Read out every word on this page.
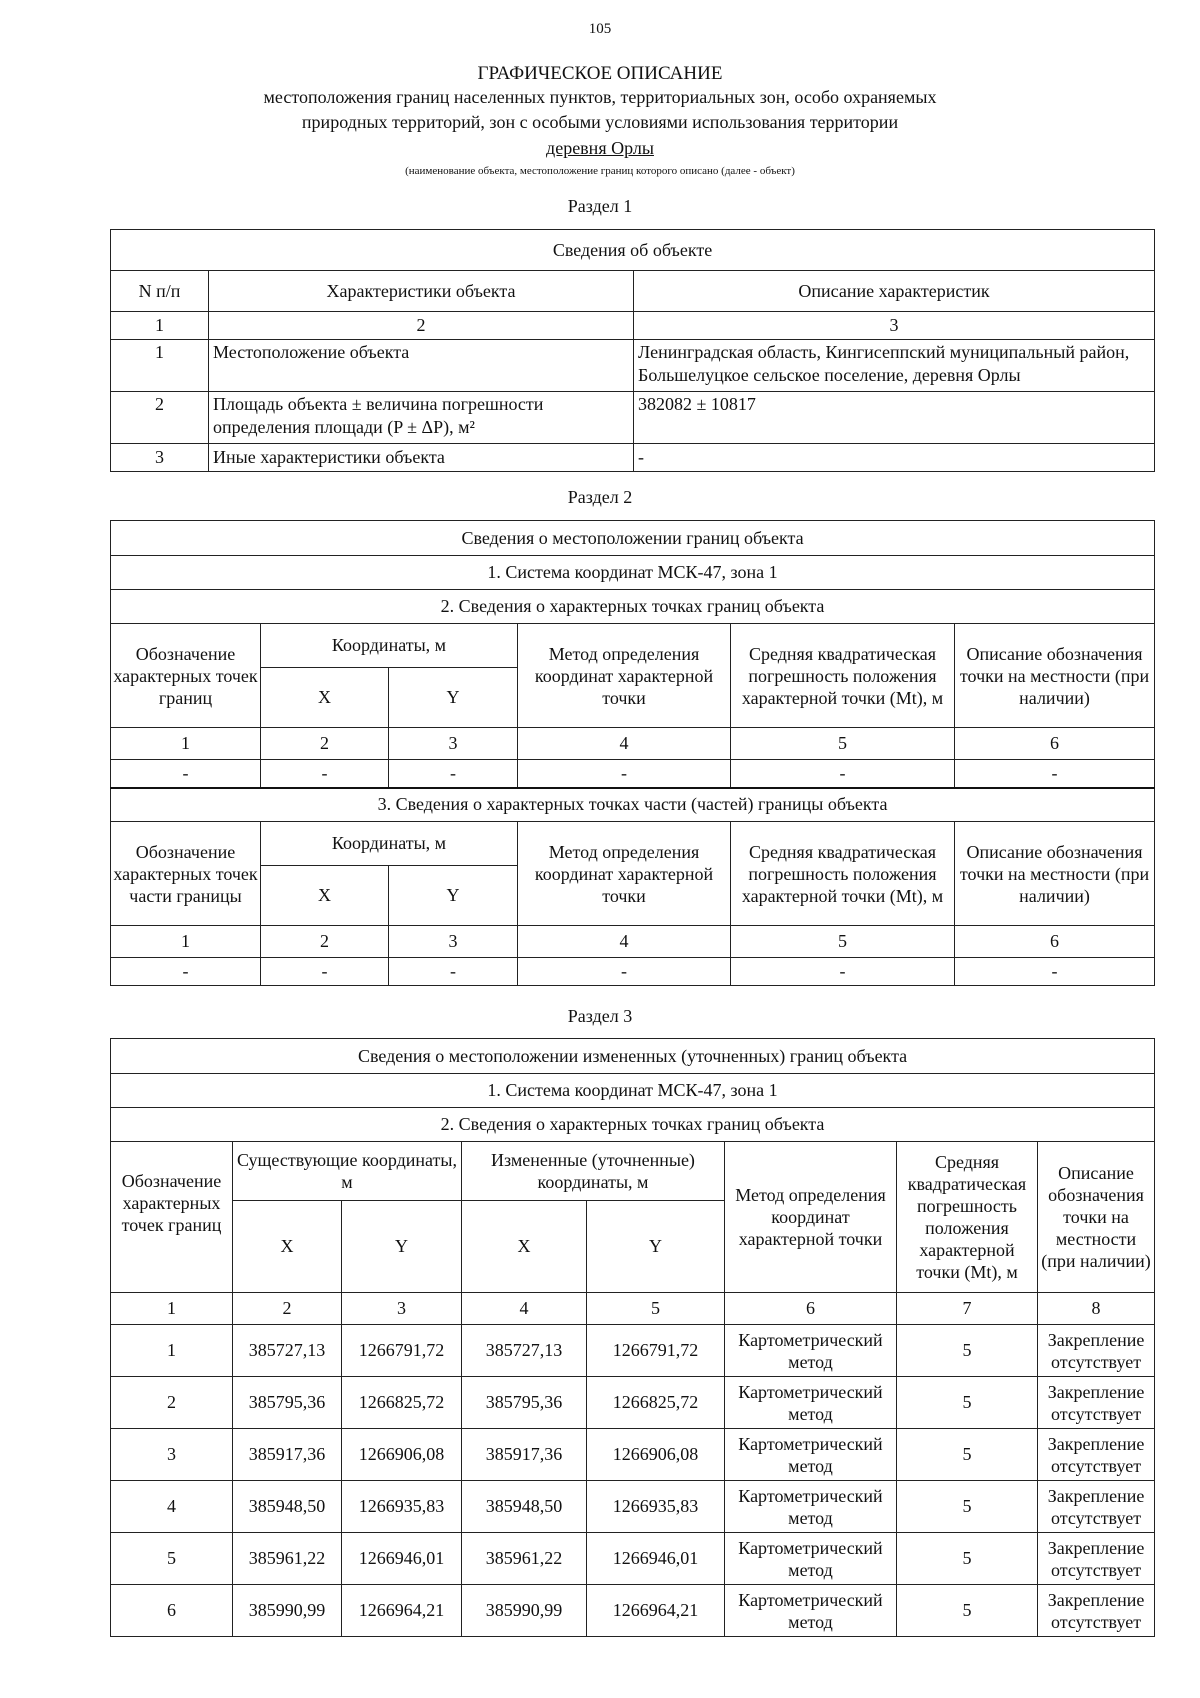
105
ГРАФИЧЕСКОЕ ОПИСАНИЕ
местоположения границ населенных пунктов, территориальных зон, особо охраняемых
природных территорий, зон с особыми условиями использования территории
деревня Орлы
(наименование объекта, местоположение границ которого описано (далее - объект)
Раздел 1
Сведения об объекте		
N п/п	Характеристики объекта	Описание характеристик
1	2	3
1	Местоположение объекта	Ленинградская область, Кингисеппский муниципальный район, Большелуцкое сельское поселение, деревня Орлы
2	Площадь объекта ± величина погрешности определения площади (P ± ΔP), м²	382082 ± 10817
3	Иные характеристики объекта	-
Раздел 2
Сведения о местоположении границ объекта					
1. Система координат МСК-47, зона 1					
2. Сведения о характерных точках границ объекта					
Обозначение характерных точек границ	Координаты, м		Метод определения координат характерной точки	Средняя квадратическая погрешность положения характерной точки (Mt), м	Описание обозначения точки на местности (при наличии)
	X	Y			
1	2	3	4	5	6
-	-	-	-	-	-
3. Сведения о характерных точках части (частей) границы объекта					
Обозначение характерных точек части границы	Координаты, м		Метод определения координат характерной точки	Средняя квадратическая погрешность положения характерной точки (Mt), м	Описание обозначения точки на местности (при наличии)
	X	Y			
1	2	3	4	5	6
-	-	-	-	-	-
Раздел 3
Сведения о местоположении измененных (уточненных) границ объекта							
1. Система координат МСК-47, зона 1							
2. Сведения о характерных точках границ объекта							
Обозначение характерных точек границ	Существующие координаты, м		Измененные (уточненные) координаты, м		Метод определения координат характерной точки	Средняя квадратическая погрешность положения характерной точки (Mt), м	Описание обозначения точки на местности (при наличии)
	X	Y	X	Y			
1	2	3	4	5	6	7	8
1	385727,13	1266791,72	385727,13	1266791,72	Картометрический метод	5	Закрепление отсутствует
2	385795,36	1266825,72	385795,36	1266825,72	Картометрический метод	5	Закрепление отсутствует
3	385917,36	1266906,08	385917,36	1266906,08	Картометрический метод	5	Закрепление отсутствует
4	385948,50	1266935,83	385948,50	1266935,83	Картометрический метод	5	Закрепление отсутствует
5	385961,22	1266946,01	385961,22	1266946,01	Картометрический метод	5	Закрепление отсутствует
6	385990,99	1266964,21	385990,99	1266964,21	Картометрический метод	5	Закрепление отсутствует
